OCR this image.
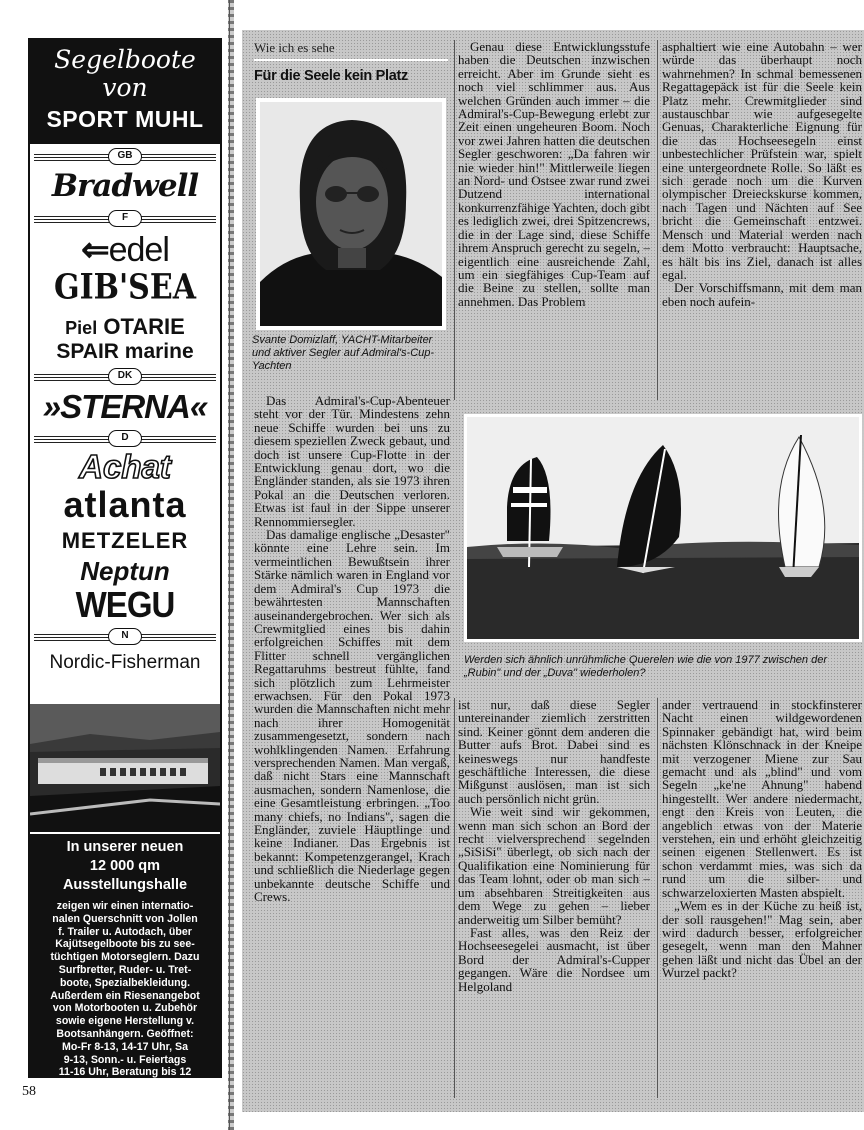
Segelboote
von
SPORT MUHL
GB
Bradwell
F
⇐edel
GIB'SEA
Piel OTARIE
SPAIR marine
DK
»STERNA«
D
Achat
atlanta
METZELER
Neptun
WEGU
N
Nordic-Fisherman
In unserer neuen
12 000 qm
Ausstellungshalle
zeigen wir einen internatio-
nalen Querschnitt von Jollen
f. Trailer u. Autodach, über
Kajütsegelboote bis zu see-
tüchtigen Motorseglern. Dazu
Surfbretter, Ruder- u. Tret-
boote, Spezialbekleidung.
Außerdem ein Riesenangebot
von Motorbooten u. Zubehör
sowie eigene Herstellung v.
Bootsanhängern. Geöffnet:
Mo-Fr 8-13, 14-17 Uhr, Sa
9-13, Sonn.- u. Feiertags
11-16 Uhr, Beratung bis 12
Uhr. 3510 Hann.-Münden,
Industriegebiet 7
T. 05541/80 45, Telex 965 825
58
Wie ich es sehe
Für die Seele kein Platz
Svante Domizlaff, YACHT-Mitarbeiter und aktiver Segler auf Admiral's-Cup-Yachten

Das Admiral's-Cup-Abenteuer steht vor der Tür. Mindestens zehn neue Schiffe wurden bei uns zu diesem speziellen Zweck gebaut, und doch ist unsere Cup-Flotte in der Entwicklung genau dort, wo die Engländer standen, als sie 1973 ihren Pokal an die Deutschen verloren. Etwas ist faul in der Sippe unserer Rennommiersegler.

Das damalige englische „Desaster" könnte eine Lehre sein. Im vermeintlichen Bewußtsein ihrer Stärke nämlich waren in England vor dem Admiral's Cup 1973 die bewährtesten Mannschaften auseinandergebrochen. Wer sich als Crewmitglied eines bis dahin erfolgreichen Schiffes mit dem Flitter schnell vergänglichen Regattaruhms bestreut fühlte, fand sich plötzlich zum Lehrmeister erwachsen. Für den Pokal 1973 wurden die Mannschaften nicht mehr nach ihrer Homogenität zusammengesetzt, sondern nach wohlklingenden Namen. Erfahrung versprechenden Namen. Man vergaß, daß nicht Stars eine Mannschaft ausmachen, sondern Namenlose, die eine Gesamtleistung erbringen. „Too many chiefs, no Indians", sagen die Engländer, zuviele Häuptlinge und keine Indianer. Das Ergebnis ist bekannt: Kompetenzgerangel, Krach und schließlich die Niederlage gegen unbekannte deutsche Schiffe und Crews.

Genau diese Entwicklungsstufe haben die Deutschen inzwischen erreicht. Aber im Grunde sieht es noch viel schlimmer aus. Aus welchen Gründen auch immer – die Admiral's-Cup-Bewegung erlebt zur Zeit einen ungeheuren Boom. Noch vor zwei Jahren hatten die deutschen Segler geschworen: „Da fahren wir nie wieder hin!" Mittlerweile liegen an Nord- und Ostsee zwar rund zwei Dutzend international konkurrenzfähige Yachten, doch gibt es lediglich zwei, drei Spitzencrews, die in der Lage sind, diese Schiffe ihrem Anspruch gerecht zu segeln, – eigentlich eine ausreichende Zahl, um ein siegfähiges Cup-Team auf die Beine zu stellen, sollte man annehmen. Das Problem

asphaltiert wie eine Autobahn – wer würde das überhaupt noch wahrnehmen? In schmal bemessenen Regattagepäck ist für die Seele kein Platz mehr. Crewmitglieder sind austauschbar wie aufgesegelte Genuas, Charakterliche Eignung für die das Hochseesegeln einst unbestechlicher Prüfstein war, spielt eine untergeordnete Rolle. So läßt es sich gerade noch um die Kurven olympischer Dreieckskurse kommen, nach Tagen und Nächten auf See bricht die Gemeinschaft entzwei. Mensch und Material werden nach dem Motto verbraucht: Hauptsache, es hält bis ins Ziel, danach ist alles egal.

Der Vorschiffsmann, mit dem man eben noch aufein-

Werden sich ähnlich unrühmliche Querelen wie die von 1977 zwischen der „Rubin" und der „Duva" wiederholen?

ist nur, daß diese Segler untereinander ziemlich zerstritten sind. Keiner gönnt dem anderen die Butter aufs Brot. Dabei sind es keineswegs nur handfeste geschäftliche Interessen, die diese Mißgunst auslösen, man ist sich auch persönlich nicht grün.

Wie weit sind wir gekommen, wenn man sich schon an Bord der recht vielversprechend segelnden „SiSiSi" überlegt, ob sich nach der Qualifikation eine Nominierung für das Team lohnt, oder ob man sich – um absehbaren Streitigkeiten aus dem Wege zu gehen – lieber anderweitig um Silber bemüht?

Fast alles, was den Reiz der Hochseesegelei ausmacht, ist über Bord der Admiral's-Cupper gegangen. Wäre die Nordsee um Helgoland

ander vertrauend in stockfinsterer Nacht einen wildgewordenen Spinnaker gebändigt hat, wird beim nächsten Klönschnack in der Kneipe mit verzogener Miene zur Sau gemacht und als „blind" und vom Segeln „ke'ne Ahnung" habend hingestellt. Wer andere niedermacht, engt den Kreis von Leuten, die angeblich etwas von der Materie verstehen, ein und erhöht gleichzeitig seinen eigenen Stellenwert. Es ist schon verdammt mies, was sich da rund um die silber- und schwarzeloxierten Masten abspielt.

„Wem es in der Küche zu heiß ist, der soll rausgehen!" Mag sein, aber wird dadurch besser, erfolgreicher gesegelt, wenn man den Mahner gehen läßt und nicht das Übel an der Wurzel packt?
